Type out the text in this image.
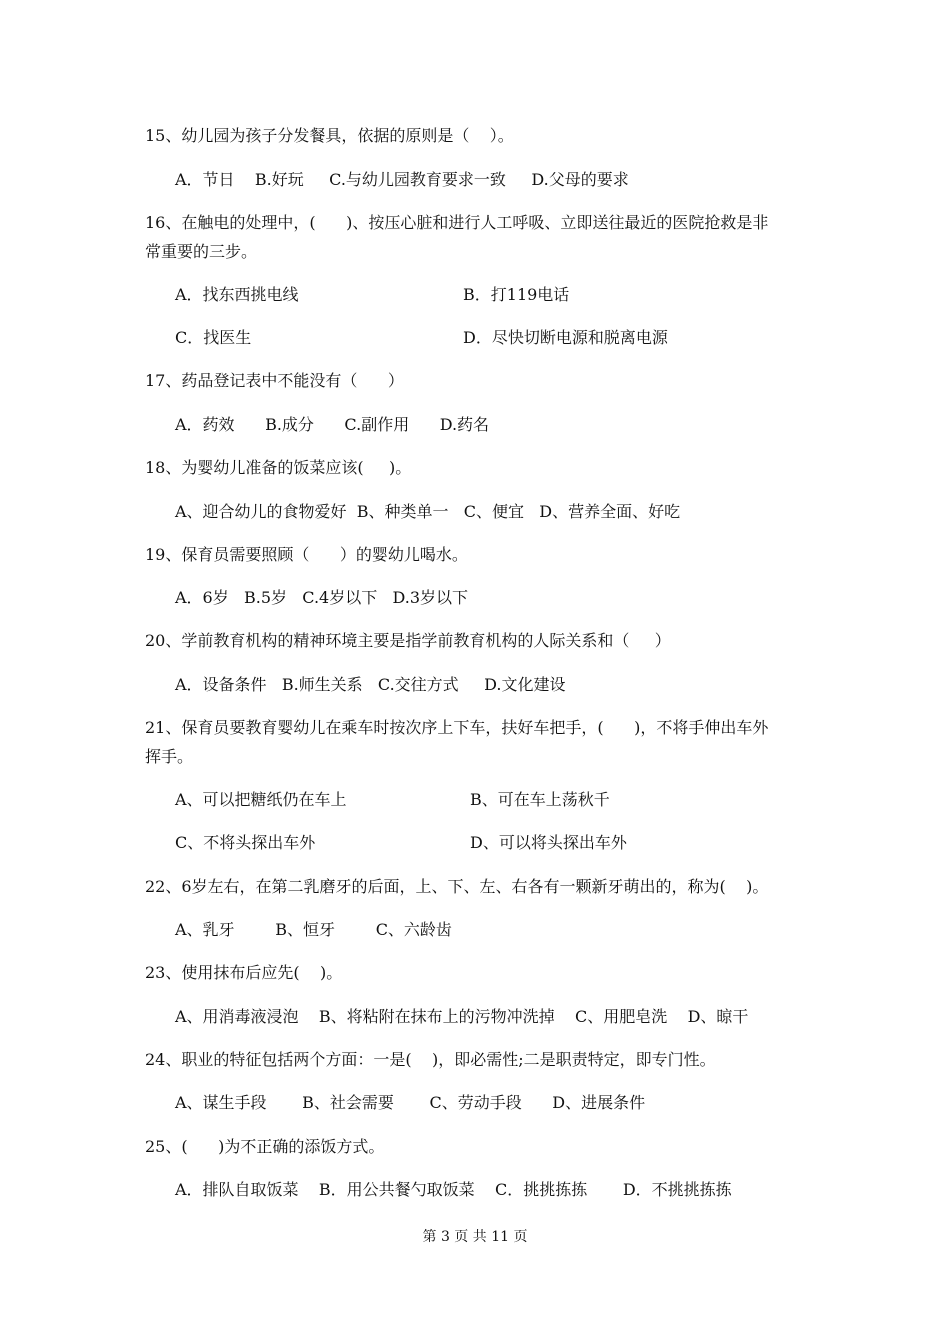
15、幼儿园为孩子分发餐具，依据的原则是（    ）。
A．节日    B.好玩     C.与幼儿园教育要求一致     D.父母的要求
16、在触电的处理中，(      )、按压心脏和进行人工呼吸、立即送往最近的医院抢救是非
常重要的三步。
A．找东西挑电线	B．打119电话
C．找医生	D．尽快切断电源和脱离电源
17、药品登记表中不能没有（      ）
A．药效      B.成分      C.副作用      D.药名
18、为婴幼儿准备的饭菜应该(     )。
A、迎合幼儿的食物爱好  B、种类单一   C、便宜   D、营养全面、好吃
19、保育员需要照顾（      ）的婴幼儿喝水。
A．6岁   B.5岁   C.4岁以下   D.3岁以下
20、学前教育机构的精神环境主要是指学前教育机构的人际关系和（     ）
A．设备条件   B.师生关系   C.交往方式     D.文化建设
21、保育员要教育婴幼儿在乘车时按次序上下车，扶好车把手，(      )，不将手伸出车外
挥手。
A、可以把糖纸仍在车上	B、可在车上荡秋千
C、不将头探出车外	D、可以将头探出车外
22、6岁左右，在第二乳磨牙的后面，上、下、左、右各有一颗新牙萌出的，称为(    )。
A、乳牙        B、恒牙        C、六龄齿
23、使用抹布后应先(    )。
A、用消毒液浸泡    B、将粘附在抹布上的污物冲洗掉    C、用肥皂洗    D、晾干
24、职业的特征包括两个方面：一是(    )，即必需性;二是职责特定，即专门性。
A、谋生手段       B、社会需要       C、劳动手段      D、进展条件
25、(      )为不正确的添饭方式。
A．排队自取饭菜    B．用公共餐勺取饭菜    C．挑挑拣拣       D．不挑挑拣拣
第 3 页 共 11 页
